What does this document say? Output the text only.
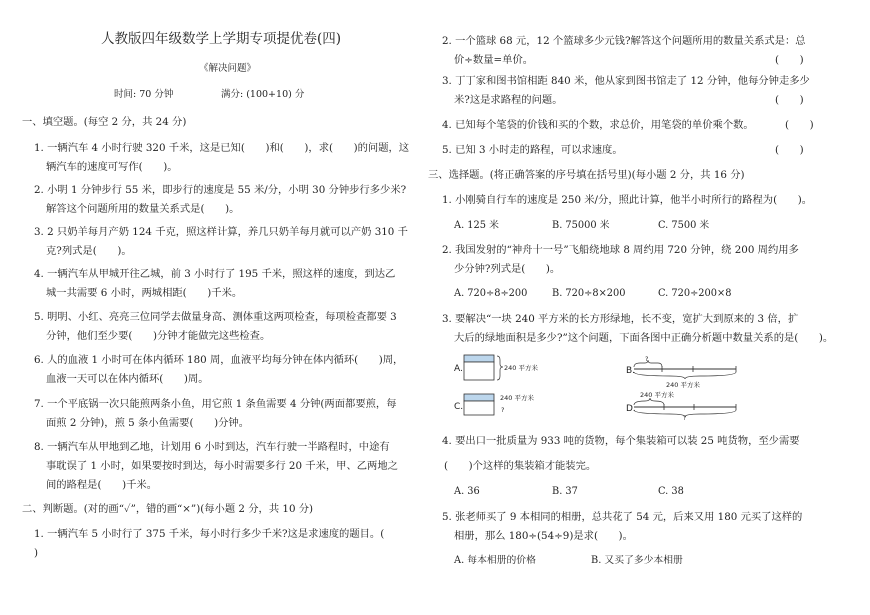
人教版四年级数学上学期专项提优卷(四)
《解决问题》
时间: 70 分钟	满分: (100+10) 分
一、填空题。(每空 2 分，共 24 分)
1. 一辆汽车 4 小时行驶 320 千米，这是已知(　　)和(　　)，求(　　)的问题，这
辆汽车的速度可写作(　　)。
2. 小明 1 分钟步行 55 米，即步行的速度是 55 米/分，小明 30 分钟步行多少米?
解答这个问题所用的数量关系式是(　　)。
3. 2 只奶羊每月产奶 124 千克，照这样计算，养几只奶羊每月就可以产奶 310 千
克?列式是(　　)。
4. 一辆汽车从甲城开往乙城，前 3 小时行了 195 千米，照这样的速度，到达乙
城一共需要 6 小时，两城相距(　　)千米。
5. 明明、小红、亮亮三位同学去做量身高、测体重这两项检查，每项检查都要 3
分钟，他们至少要(　　)分钟才能做完这些检查。
6. 人的血液 1 小时可在体内循环 180 周，血液平均每分钟在体内循环(　　)周，
血液一天可以在体内循环(　　)周。
7. 一个平底锅一次只能煎两条小鱼，用它煎 1 条鱼需要 4 分钟(两面都要煎，每
面煎 2 分钟)，煎 5 条小鱼需要(　　)分钟。
8. 一辆汽车从甲地到乙地，计划用 6 小时到达，汽车行驶一半路程时，中途有
事耽误了 1 小时，如果要按时到达，每小时需要多行 20 千米，甲、乙两地之
间的路程是(　　)千米。
二、判断题。(对的画“✓”，错的画“×”)(每小题 2 分，共 10 分)
1. 一辆汽车 5 小时行了 375 千米，每小时行多少千米?这是求速度的题目。(
)
2. 一个篮球 68 元，12 个篮球多少元钱?解答这个问题所用的数量关系式是：总
价÷数量=单价。	(　　)
3. 丁丁家和图书馆相距 840 米，他从家到图书馆走了 12 分钟，他每分钟走多少
米?这是求路程的问题。	(　　)
4. 已知每个笔袋的价钱和买的个数，求总价，用笔袋的单价乘个数。	(　　)
5. 已知 3 小时走的路程，可以求速度。	(　　)
三、选择题。(将正确答案的序号填在括号里)(每小题 2 分，共 16 分)
1. 小刚骑自行车的速度是 250 米/分，照此计算，他半小时所行的路程为(　　)。
A. 125 米	B. 75000 米	C. 7500 米
2. 我国发射的“神舟十一号”飞船绕地球 8 周约用 720 分钟，绕 200 周约用多
少分钟?列式是(　　)。
A. 720÷8÷200	B. 720÷8×200	C. 720÷200×8
3. 要解决“一块 240 平方米的长方形绿地，长不变，宽扩大到原来的 3 倍，扩
大后的绿地面积是多少?”这个问题，下面各图中正确分析题中数量关系的是(　　)。
A.	240 平方米	B.
?
240 平方米
C.
240 平方米
?	D.
240 平方米
?
4. 要出口一批质量为 933 吨的货物，每个集装箱可以装 25 吨货物，至少需要
(　　)个这样的集装箱才能装完。
A. 36	B. 37	C. 38
5. 张老师买了 9 本相同的相册，总共花了 54 元，后来又用 180 元买了这样的
相册，那么 180÷(54÷9)是求(　　)。
A. 每本相册的价格	B. 又买了多少本相册
